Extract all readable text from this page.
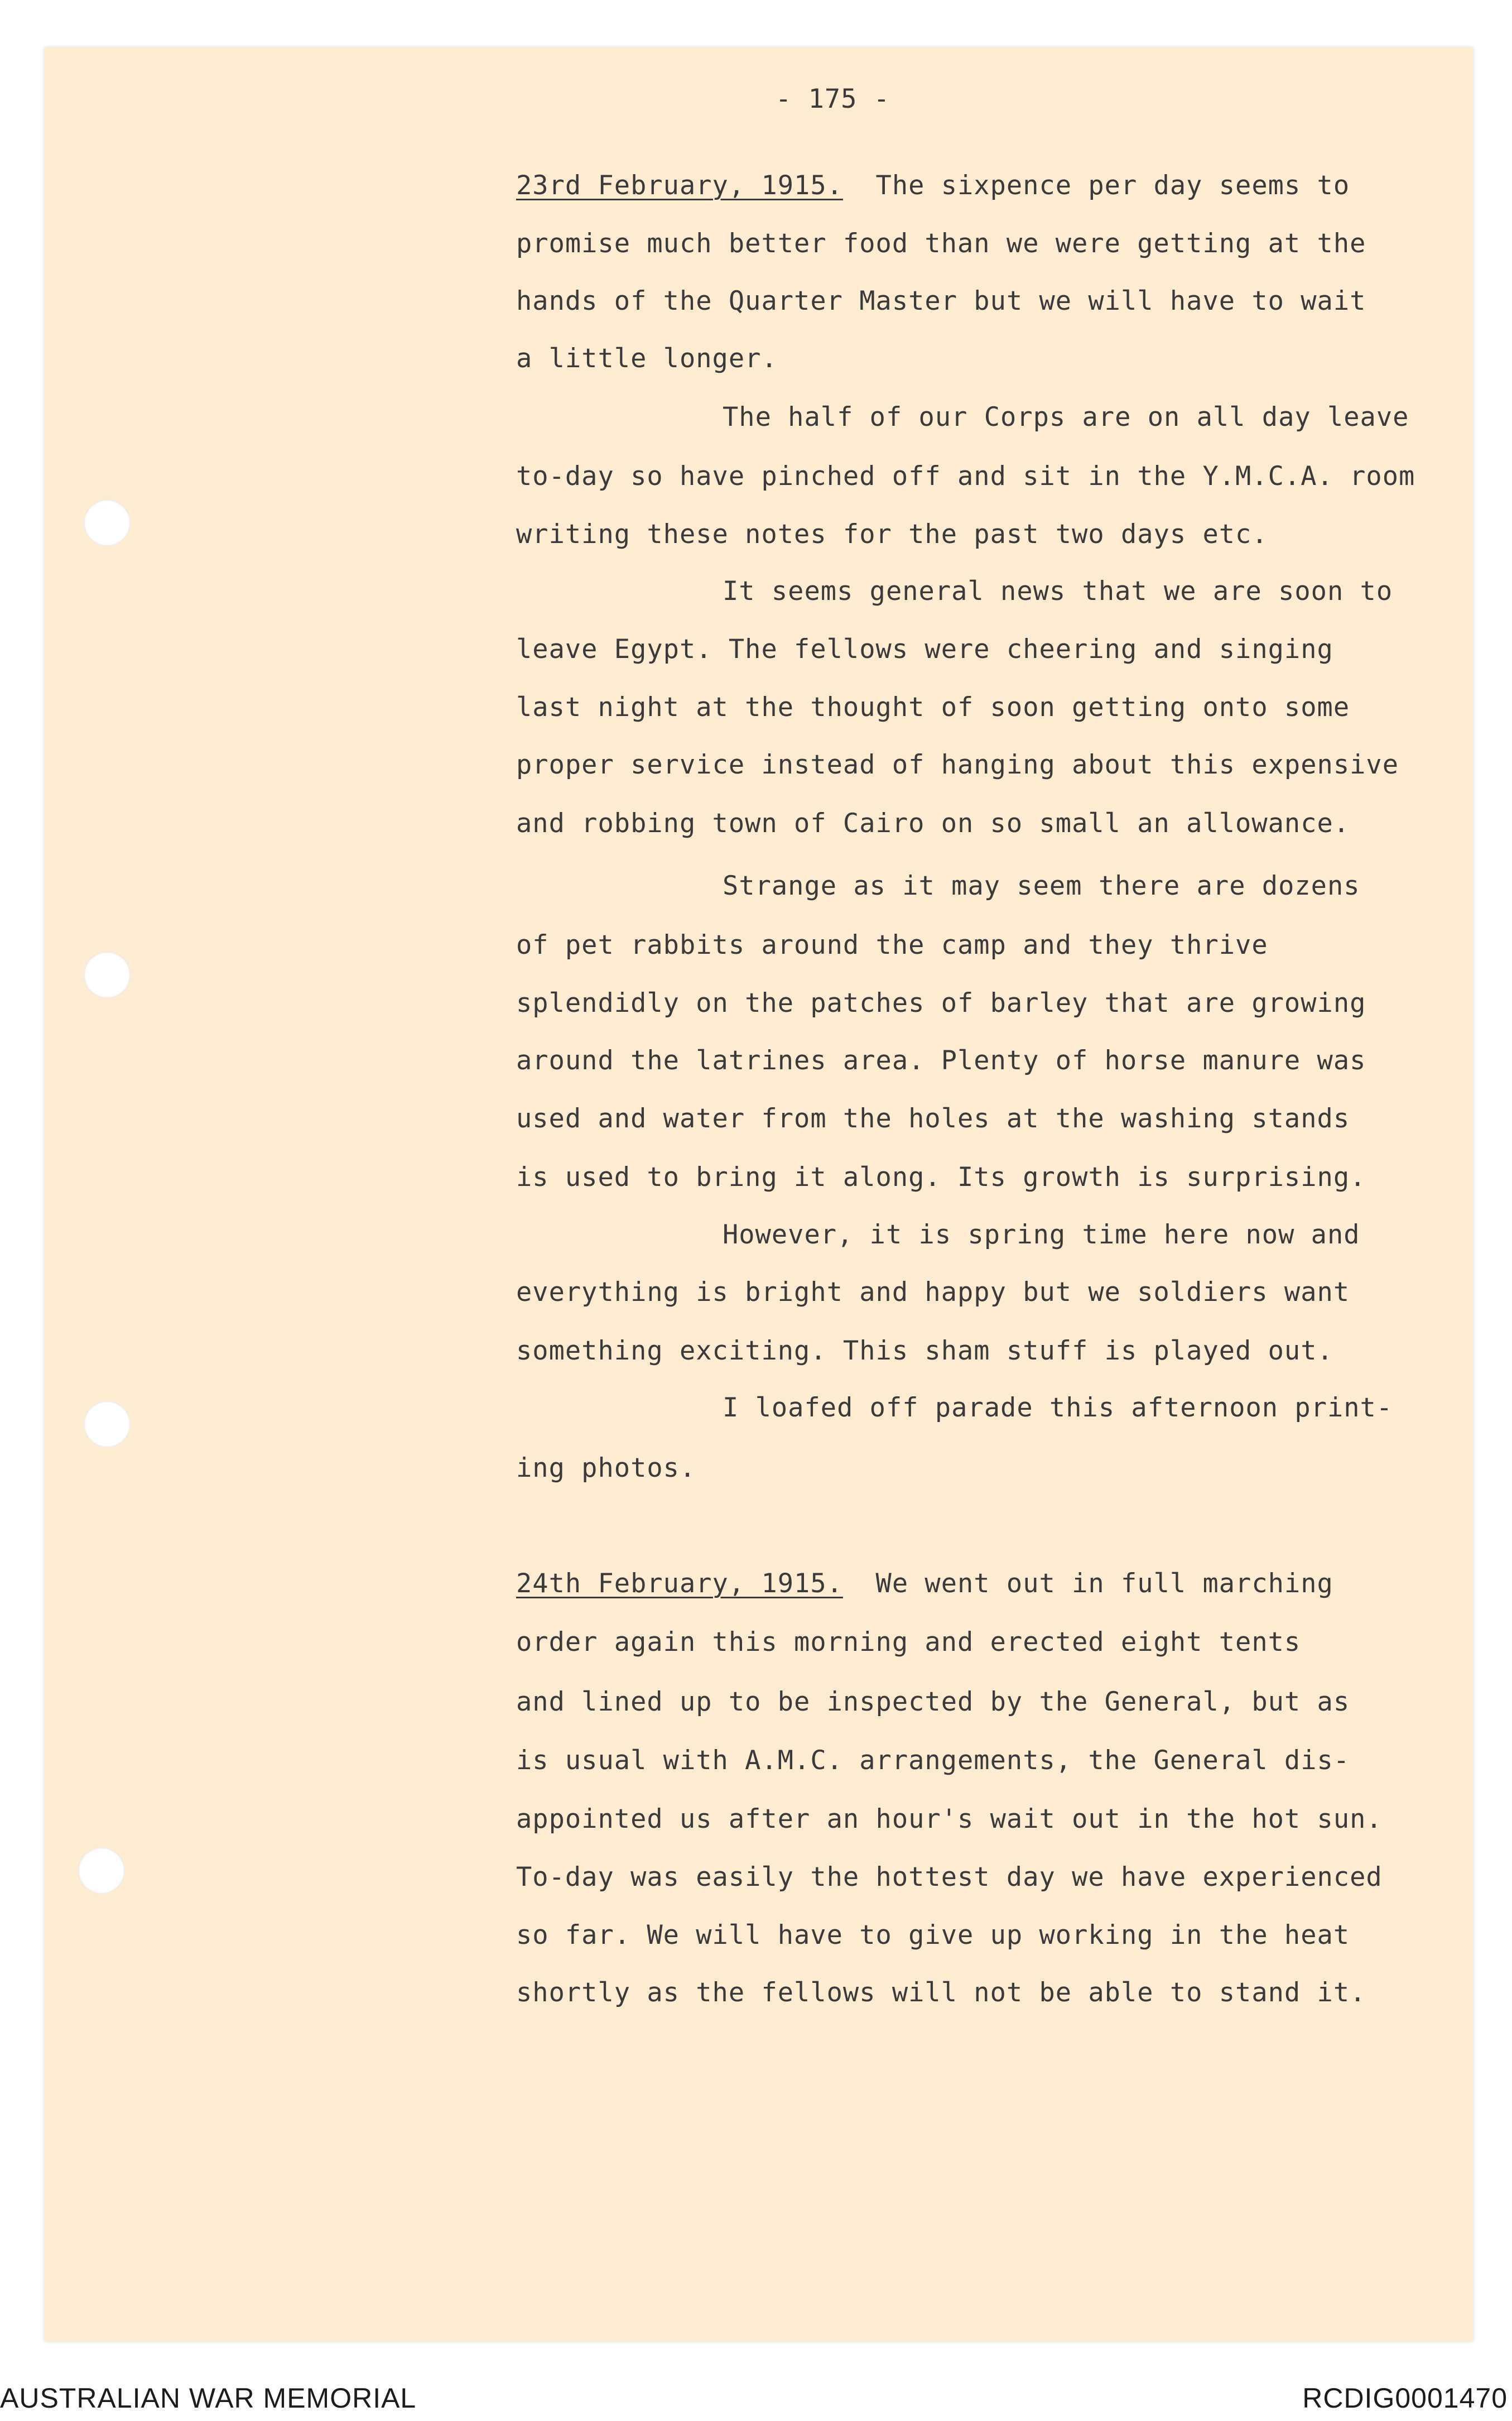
- 175 -

23rd February, 1915. The sixpence per day seems to

promise much better food than we were getting at the

hands of the Quarter Master but we will have to wait

a little longer.

The half of our Corps are on all day leave

to-day so have pinched off and sit in the Y.M.C.A. room

writing these notes for the past two days etc.

It seems general news that we are soon to

leave Egypt. The fellows were cheering and singing

last night at the thought of soon getting onto some

proper service instead of hanging about this expensive

and robbing town of Cairo on so small an allowance.

Strange as it may seem there are dozens

of pet rabbits around the camp and they thrive

splendidly on the patches of barley that are growing

around the latrines area. Plenty of horse manure was

used and water from the holes at the washing stands

is used to bring it along. Its growth is surprising.

However, it is spring time here now and

everything is bright and happy but we soldiers want

something exciting. This sham stuff is played out.

I loafed off parade this afternoon print-

ing photos.

24th February, 1915. We went out in full marching

order again this morning and erected eight tents

and lined up to be inspected by the General, but as

is usual with A.M.C. arrangements, the General dis-

appointed us after an hour's wait out in the hot sun.

To-day was easily the hottest day we have experienced

so far. We will have to give up working in the heat

shortly as the fellows will not be able to stand it.

AUSTRALIAN WAR MEMORIAL	RCDIG0001470
